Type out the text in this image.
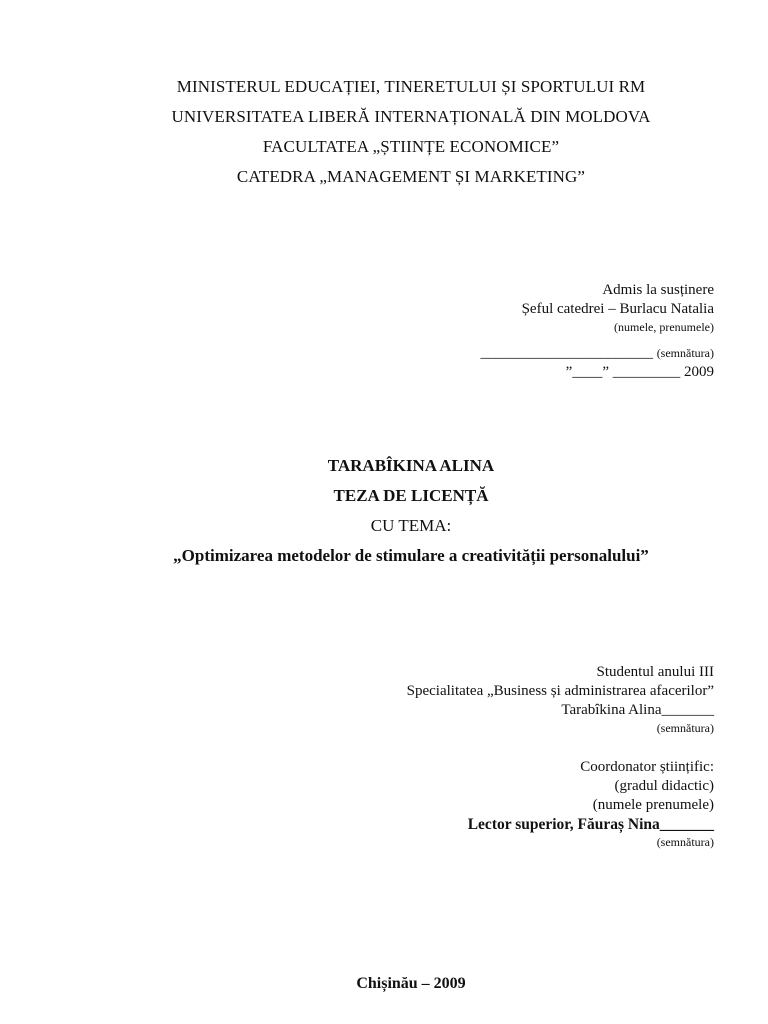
MINISTERUL EDUCAȚIEI, TINERETULUI ȘI SPORTULUI RM
UNIVERSITATEA LIBERĂ INTERNAȚIONALĂ DIN MOLDOVA
FACULTATEA „ȘTIINȚE ECONOMICE”
CATEDRA „MANAGEMENT ȘI MARKETING”
Admis la susținere
Șeful catedrei – Burlacu Natalia
(numele, prenumele)
_______________________ (semnătura)
”____” _________ 2009
TARABÎKINA ALINA
TEZA DE LICENȚĂ
CU TEMA:
„Optimizarea metodelor de stimulare a creativității personalului”
Studentul anului III
Specialitatea „Business și administrarea afacerilor”
Tarabîkina Alina_______
(semnătura)
Coordonator științific:
(gradul didactic)
(numele prenumele)
Lector superior, Făuraș Nina_______
(semnătura)
Chișinău – 2009
